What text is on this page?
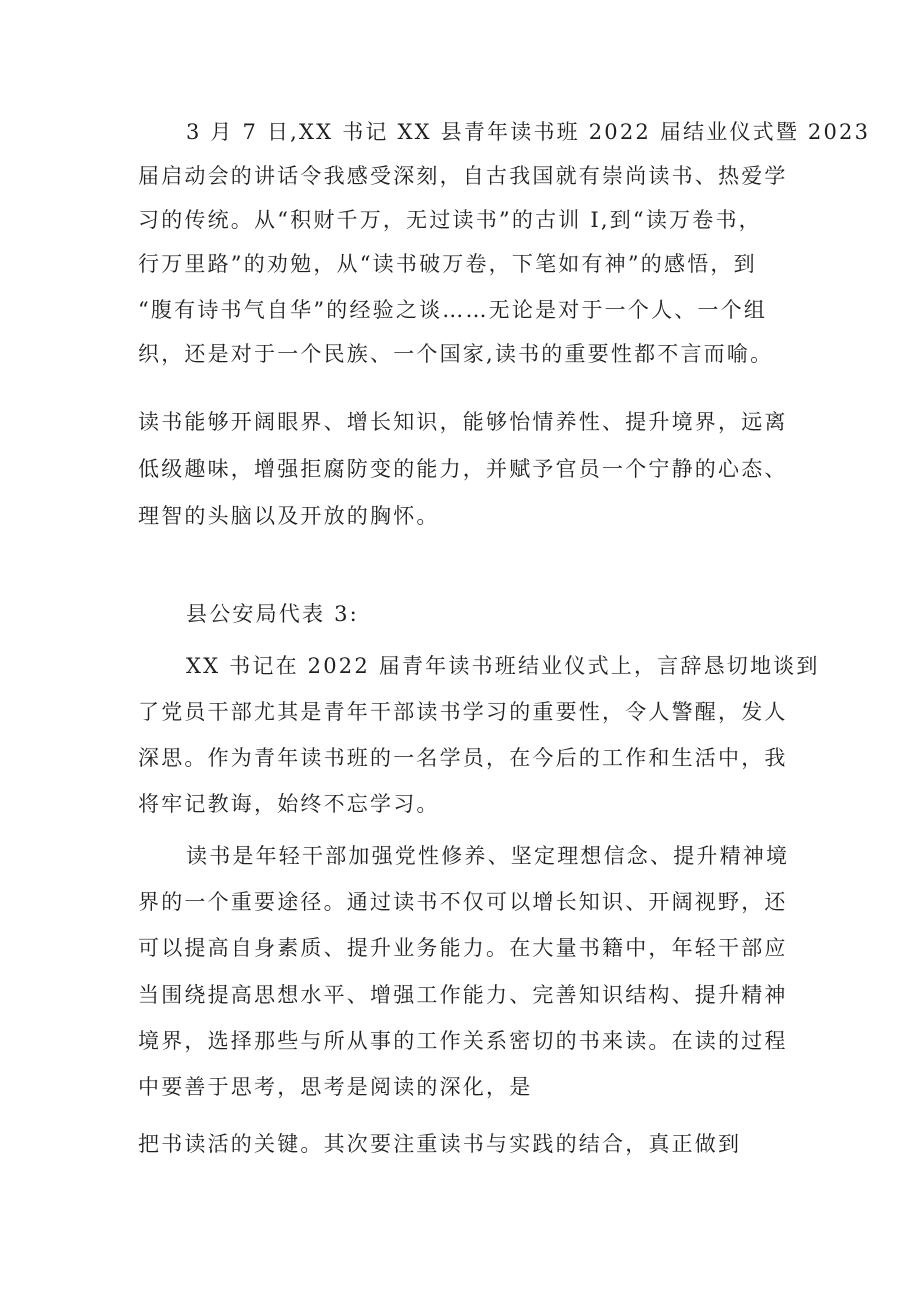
3 月 7 日,XX 书记 XX 县青年读书班 2022 届结业仪式暨 2023
届启动会的讲话令我感受深刻，自古我国就有崇尚读书、热爱学
习的传统。从“积财千万，无过读书”的古训 I,到“读万卷书，
行万里路”的劝勉，从“读书破万卷，下笔如有神”的感悟，到
“腹有诗书气自华”的经验之谈……无论是对于一个人、一个组
织，还是对于一个民族、一个国家,读书的重要性都不言而喻。
读书能够开阔眼界、增长知识，能够怡情养性、提升境界，远离
低级趣味，增强拒腐防变的能力，并赋予官员一个宁静的心态、
理智的头脑以及开放的胸怀。
县公安局代表 3:
XX 书记在 2022 届青年读书班结业仪式上，言辞恳切地谈到
了党员干部尤其是青年干部读书学习的重要性，令人警醒，发人
深思。作为青年读书班的一名学员，在今后的工作和生活中，我
将牢记教诲，始终不忘学习。
读书是年轻干部加强党性修养、坚定理想信念、提升精神境
界的一个重要途径。通过读书不仅可以增长知识、开阔视野，还
可以提高自身素质、提升业务能力。在大量书籍中，年轻干部应
当围绕提高思想水平、增强工作能力、完善知识结构、提升精神
境界，选择那些与所从事的工作关系密切的书来读。在读的过程
中要善于思考，思考是阅读的深化，是
把书读活的关键。其次要注重读书与实践的结合，真正做到
